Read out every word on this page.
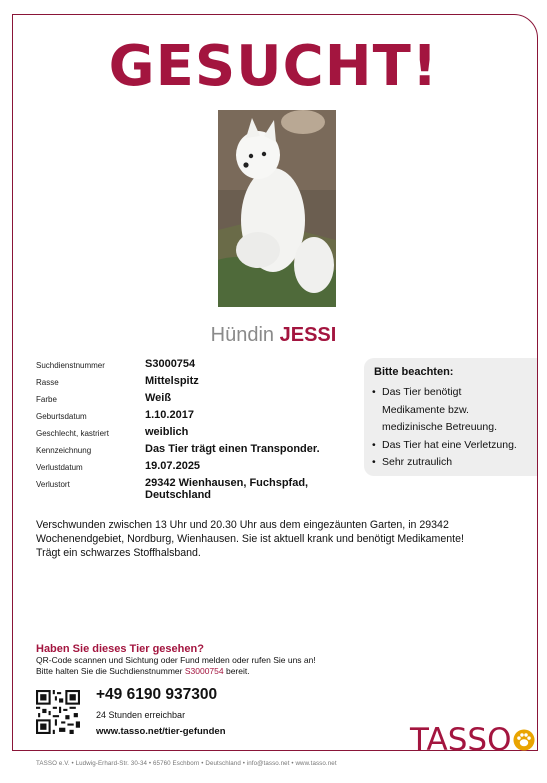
GESUCHT!
Hündin JESSI
Suchdienstnummer	S3000754
Rasse	Mittelspitz
Farbe	Weiß
Geburtsdatum	1.10.2017
Geschlecht, kastriert	weiblich
Kennzeichnung	Das Tier trägt einen Transponder.
Verlustdatum	19.07.2025
Verlustort	29342 Wienhausen, Fuchspfad,
Deutschland
Bitte beachten:
• Das Tier benötigt
Medikamente bzw.
medizinische Betreuung.
• Das Tier hat eine Verletzung.
• Sehr zutraulich
Verschwunden zwischen 13 Uhr und 20.30 Uhr aus dem eingezäunten Garten, in 29342
Wochenendgebiet, Nordburg, Wienhausen. Sie ist aktuell krank und benötigt Medikamente!
Trägt ein schwarzes Stoffhalsband.
Haben Sie dieses Tier gesehen?
QR-Code scannen und Sichtung oder Fund melden oder rufen Sie uns an!
Bitte halten Sie die Suchdienstnummer S3000754 bereit.
+49 6190 937300
24 Stunden erreichbar
www.tasso.net/tier-gefunden	TASSO
TASSO e.V. • Ludwig-Erhard-Str. 30-34 • 65760 Eschborn • Deutschland • info@tasso.net • www.tasso.net
